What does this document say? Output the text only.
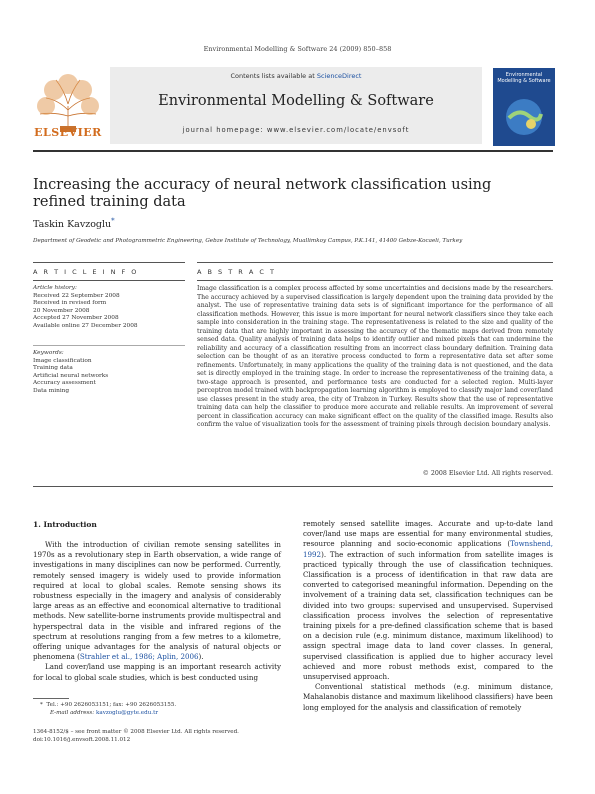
Environmental Modelling & Software 24 (2009) 850–858
Contents lists available at ScienceDirect
Environmental Modelling & Software
journal homepage: www.elsevier.com/locate/envsoft
ELSEVIER
Environmental Modelling & Software
Increasing the accuracy of neural network classification using refined training data
Taskin Kavzoglu*
Department of Geodetic and Photogrammetric Engineering, Gebze Institute of Technology, Muallimkoy Campus, P.K.141, 41400 Gebze-Kocaeli, Turkey
A R T I C L E I N F O
Article history:
Received 22 September 2008
Received in revised form
20 November 2008
Accepted 27 November 2008
Available online 27 December 2008
Keywords:
Image classification
Training data
Artificial neural networks
Accuracy assessment
Data mining
A B S T R A C T
Image classification is a complex process affected by some uncertainties and decisions made by the researchers. The accuracy achieved by a supervised classification is largely dependent upon the training data provided by the analyst. The use of representative training data sets is of significant importance for the performance of all classification methods. However, this issue is more important for neural network classifiers since they take each sample into consideration in the training stage. The representativeness is related to the size and quality of the training data that are highly important in assessing the accuracy of the thematic maps derived from remotely sensed data. Quality analysis of training data helps to identify outlier and mixed pixels that can undermine the reliability and accuracy of a classification resulting from an incorrect class boundary definition. Training data selection can be thought of as an iterative process conducted to form a representative data set after some refinements. Unfortunately, in many applications the quality of the training data is not questioned, and the data set is directly employed in the training stage. In order to increase the representativeness of the training data, a two-stage approach is presented, and performance tests are conducted for a selected region. Multi-layer perceptron model trained with backpropagation learning algorithm is employed to classify major land cover/land use classes present in the study area, the city of Trabzon in Turkey. Results show that the use of representative training data can help the classifier to produce more accurate and reliable results. An improvement of several percent in classification accuracy can make significant effect on the quality of the classified image. Results also confirm the value of visualization tools for the assessment of training pixels through decision boundary analysis.
© 2008 Elsevier Ltd. All rights reserved.
1. Introduction

With the introduction of civilian remote sensing satellites in 1970s as a revolutionary step in Earth observation, a wide range of investigations in many disciplines can now be performed. Currently, remotely sensed imagery is widely used to provide information required at local to global scales. Remote sensing shows its robustness especially in the imagery and analysis of considerably large areas as an effective and economical alternative to traditional methods. New satellite-borne instruments provide multispectral and hyperspectral data in the visible and infrared regions of the spectrum at resolutions ranging from a few metres to a kilometre, offering unique advantages for the analysis of natural objects or phenomena (Strahler et al., 1986; Aplin, 2006).

Land cover/land use mapping is an important research activity for local to global scale studies, which is best conducted using

remotely sensed satellite images. Accurate and up-to-date land cover/land use maps are essential for many environmental studies, resource planning and socio-economic applications (Townshend, 1992). The extraction of such information from satellite images is practiced typically through the use of classification techniques. Classification is a process of identification in that raw data are converted to categorised meaningful information. Depending on the involvement of a training data set, classification techniques can be divided into two groups: supervised and unsupervised. Supervised classification process involves the selection of representative training pixels for a pre-defined classification scheme that is based on a decision rule (e.g. minimum distance, maximum likelihood) to assign spectral image data to land cover classes. In general, supervised classification is applied due to higher accuracy level achieved and more robust methods exist, compared to the unsupervised approach.

Conventional statistical methods (e.g. minimum distance, Mahalanobis distance and maximum likelihood classifiers) have been long employed for the analysis and classification of remotely

* Tel.: +90 2626053151; fax: +90 2626053155.
E-mail address: kavzoglu@gyte.edu.tr
1364-8152/$ – see front matter © 2008 Elsevier Ltd. All rights reserved.
doi:10.1016/j.envsoft.2008.11.012
